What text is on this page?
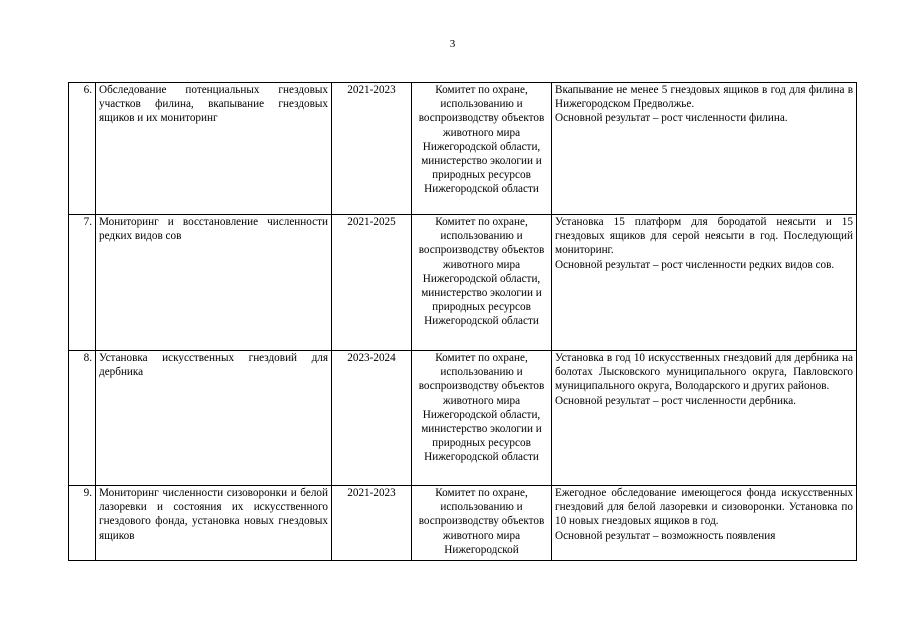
3
6.	Обследование потенциальных гнездовых участков филина, вкапывание гнездовых ящиков и их мониторинг	2021-2023	Комитет по охране, использованию и воспроизводству объектов животного мира Нижегородской области, министерство экологии и природных ресурсов Нижегородской области	Вкапывание не менее 5 гнездовых ящиков в год для филина в Нижегородском Предволжье.
Основной результат – рост численности филина.

7.	Мониторинг и восстановление численности редких видов сов	2021-2025	Комитет по охране, использованию и воспроизводству объектов животного мира Нижегородской области, министерство экологии и природных ресурсов Нижегородской области	Установка 15 платформ для бородатой неясыти и 15 гнездовых ящиков для серой неясыти в год. Последующий мониторинг.
Основной результат – рост численности редких видов сов.

8.	Установка искусственных гнездовий для дербника	2023-2024	Комитет по охране, использованию и воспроизводству объектов животного мира Нижегородской области, министерство экологии и природных ресурсов Нижегородской области	Установка в год 10 искусственных гнездовий для дербника на болотах Лысковского муниципального округа, Павловского муниципального округа, Володарского и других районов.
Основной результат – рост численности дербника.

9.	Мониторинг численности сизоворонки и белой лазоревки и состояния их искусственного гнездового фонда, установка новых гнездовых ящиков	2021-2023	Комитет по охране, использованию и воспроизводству объектов животного мира Нижегородской	Ежегодное обследование имеющегося фонда искусственных гнездовий для белой лазоревки и сизоворонки. Установка по 10 новых гнездовых ящиков в год.
Основной результат – возможность появления
